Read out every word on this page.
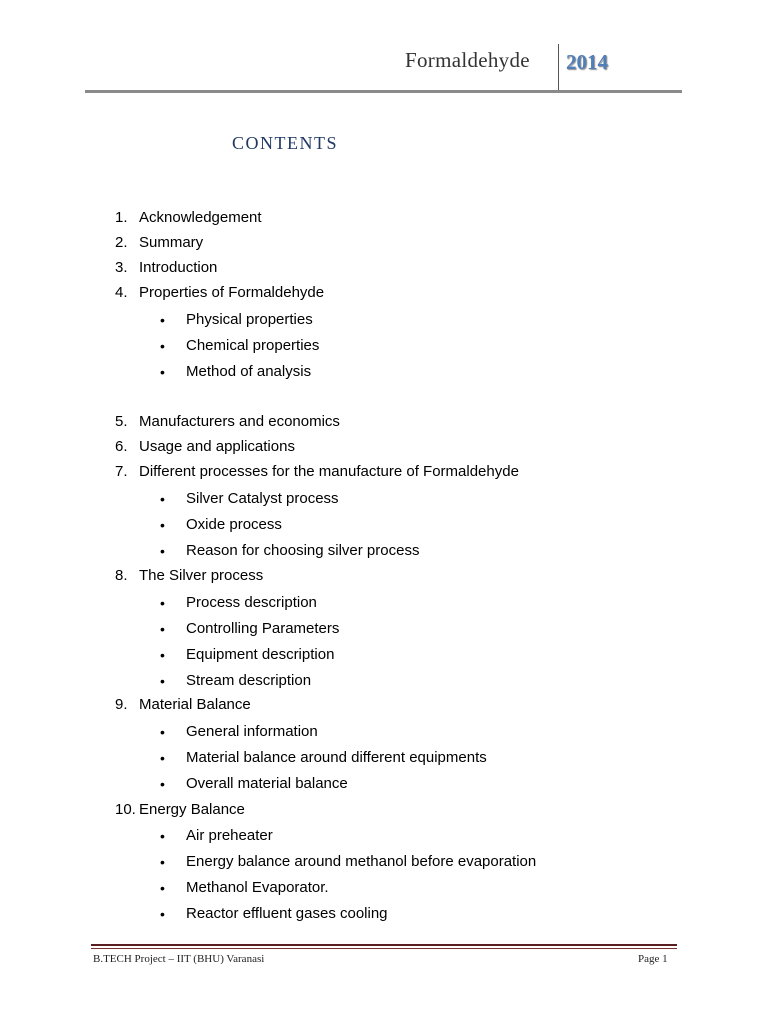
Formaldehyde 2014
CONTENTS
1. Acknowledgement
2. Summary
3. Introduction
4. Properties of Formaldehyde
• Physical properties
• Chemical properties
• Method of analysis
5. Manufacturers and economics
6. Usage and applications
7. Different processes for the manufacture of Formaldehyde
• Silver Catalyst process
• Oxide process
• Reason for choosing silver process
8. The Silver process
• Process description
• Controlling Parameters
• Equipment description
• Stream description
9. Material Balance
• General information
• Material balance around different equipments
• Overall material balance
10. Energy Balance
• Air preheater
• Energy balance around methanol before evaporation
• Methanol Evaporator.
• Reactor effluent gases cooling
B.TECH Project – IIT (BHU) Varanasi	Page 1
